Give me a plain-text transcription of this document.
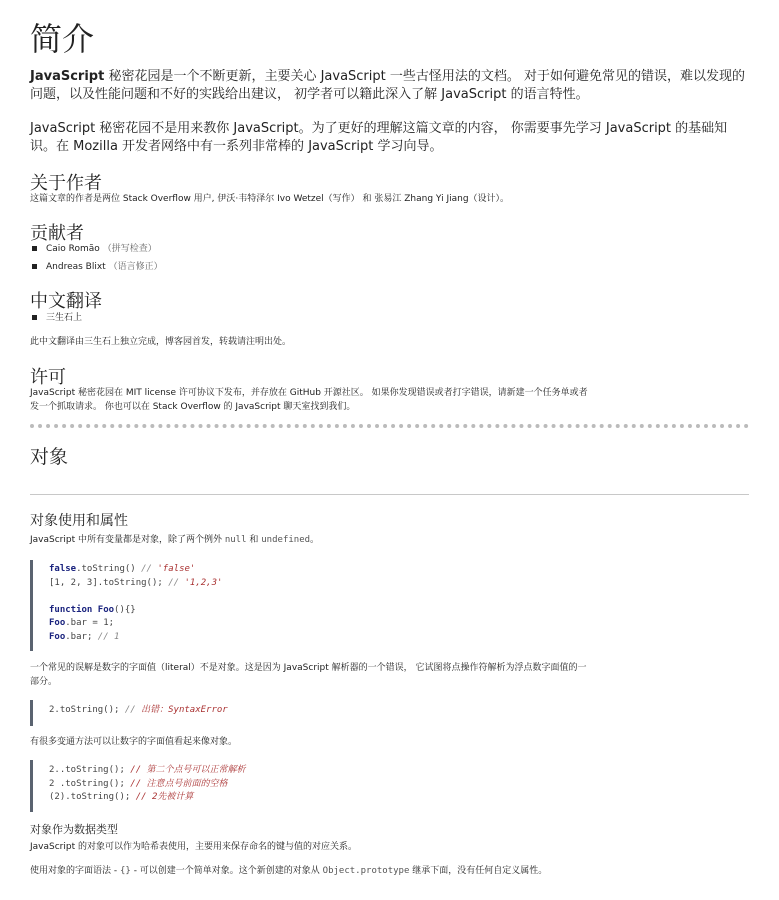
简介

JavaScript 秘密花园是一个不断更新，主要关心 JavaScript 一些古怪用法的文档。 对于如何避免常见的错误，难以发现的问题，以及性能问题和不好的实践给出建议， 初学者可以籍此深入了解 JavaScript 的语言特性。

JavaScript 秘密花园不是用来教你 JavaScript。为了更好的理解这篇文章的内容， 你需要事先学习 JavaScript 的基础知识。在 Mozilla 开发者网络中有一系列非常棒的 JavaScript 学习向导。

关于作者

这篇文章的作者是两位 Stack Overflow 用户, 伊沃·韦特泽尔 Ivo Wetzel（写作） 和 张易江 Zhang Yi Jiang（设计）。

贡献者
Caio Romão （拼写检查）
Andreas Blixt （语言修正）
中文翻译
三生石上

此中文翻译由三生石上独立完成，博客园首发，转载请注明出处。

许可

JavaScript 秘密花园在 MIT license 许可协议下发布，并存放在 GitHub 开源社区。 如果你发现错误或者打字错误，请新建一个任务单或者发一个抓取请求。 你也可以在 Stack Overflow 的 JavaScript 聊天室找到我们。

对象
对象使用和属性

JavaScript 中所有变量都是对象，除了两个例外 null 和 undefined。

false.toString() // 'false'
[1, 2, 3].toString(); // '1,2,3'
function Foo(){}
Foo.bar = 1;
Foo.bar; // 1

一个常见的误解是数字的字面值（literal）不是对象。这是因为 JavaScript 解析器的一个错误， 它试图将点操作符解析为浮点数字面值的一部分。

2.toString(); // 出错：SyntaxError

有很多变通方法可以让数字的字面值看起来像对象。

2..toString(); // 第二个点号可以正常解析
2 .toString(); // 注意点号前面的空格
(2).toString(); // 2先被计算
对象作为数据类型

JavaScript 的对象可以作为哈希表使用，主要用来保存命名的键与值的对应关系。

使用对象的字面语法 - {} - 可以创建一个简单对象。这个新创建的对象从 Object.prototype 继承下面，没有任何自定义属性。
